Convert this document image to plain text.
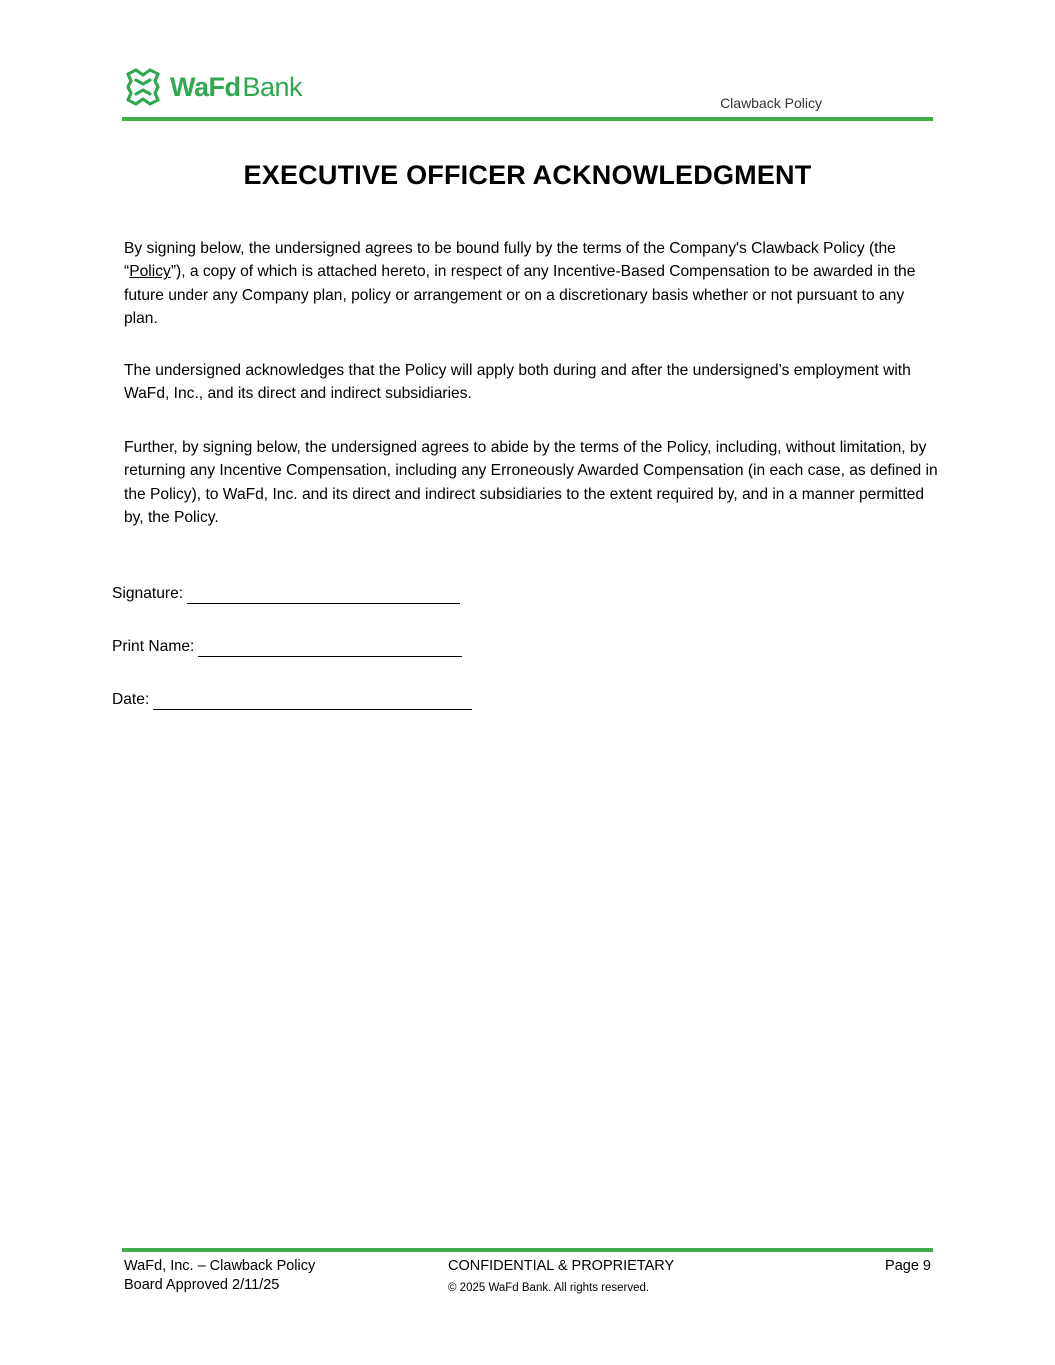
WaFdBank
Clawback Policy
EXECUTIVE OFFICER ACKNOWLEDGMENT
By signing below, the undersigned agrees to be bound fully by the terms of the Company's Clawback Policy (the “Policy”), a copy of which is attached hereto, in respect of any Incentive-Based Compensation to be awarded in the future under any Company plan, policy or arrangement or on a discretionary basis whether or not pursuant to any plan.
The undersigned acknowledges that the Policy will apply both during and after the undersigned’s employment with WaFd, Inc., and its direct and indirect subsidiaries.
Further, by signing below, the undersigned agrees to abide by the terms of the Policy, including, without limitation, by returning any Incentive Compensation, including any Erroneously Awarded Compensation (in each case, as defined in the Policy), to WaFd, Inc. and its direct and indirect subsidiaries to the extent required by, and in a manner permitted by, the Policy.
Signature:
Print Name:
Date:
WaFd, Inc. – Clawback Policy
Board Approved 2/11/25
CONFIDENTIAL & PROPRIETARY
© 2025 WaFd Bank. All rights reserved.
Page 9
